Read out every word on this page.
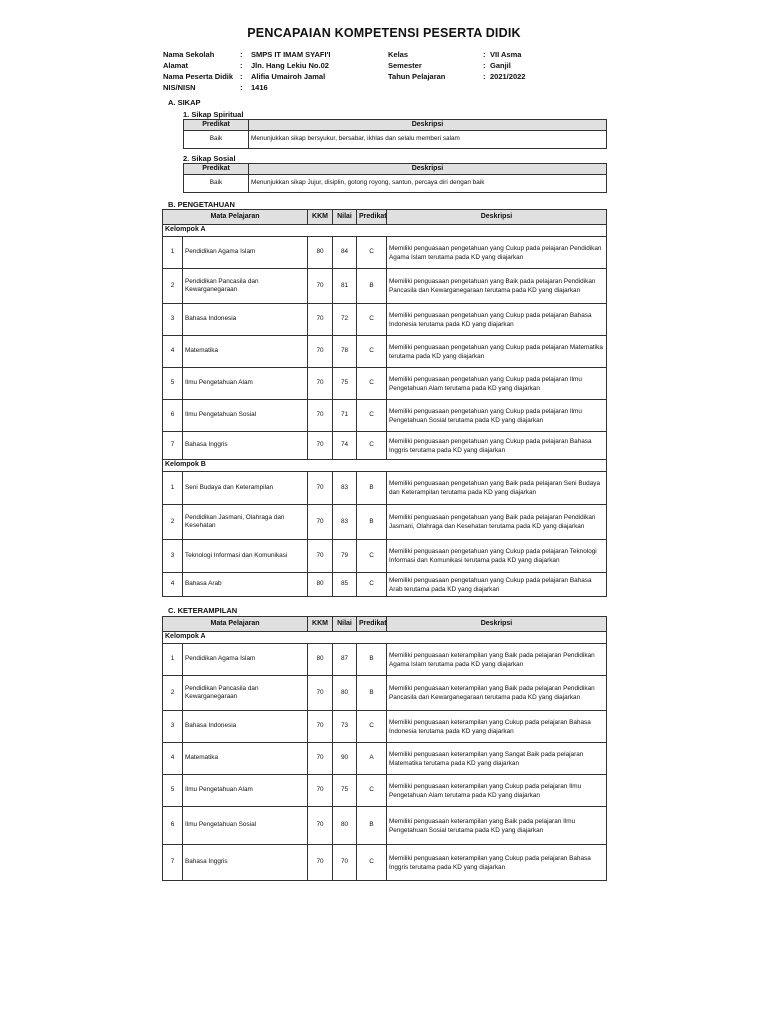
PENCAPAIAN KOMPETENSI PESERTA DIDIK
Nama Sekolah	: SMPS IT IMAM SYAFI'I
Alamat	: Jln. Hang Lekiu No.02
Nama Peserta Didik : Alifia Umairoh Jamal
NIS/NISN	: 1416
Kelas	: VII Asma
Semester	: Ganjil
Tahun Pelajaran	: 2021/2022
A. SIKAP
1. Sikap Spiritual
Predikat	Deskripsi
Baik	Menunjukkan sikap bersyukur, bersabar, ikhlas dan selalu memberi salam
2. Sikap Sosial
Predikat	Deskripsi
Baik	Menunjukkan sikap Jujur, disiplin, gotong royong, santun, percaya diri dengan baik
B. PENGETAHUAN
Mata Pelajaran		KKM	Nilai	Predikat	Deskripsi
Kelompok A					
1	Pendidikan Agama Islam	80	84	C	Memiliki penguasaan pengetahuan yang Cukup pada pelajaran Pendidikan Agama Islam terutama pada KD yang diajarkan
2	Pendidikan Pancasila dan Kewarganegaraan	70	81	B	Memiliki penguasaan pengetahuan yang Baik pada pelajaran Pendidikan Pancasila dan Kewarganegaraan terutama pada KD yang diajarkan
3	Bahasa Indonesia	70	72	C	Memiliki penguasaan pengetahuan yang Cukup pada pelajaran Bahasa Indonesia terutama pada KD yang diajarkan
4	Matematika	70	78	C	Memiliki penguasaan pengetahuan yang Cukup pada pelajaran Matematika terutama pada KD yang diajarkan
5	Ilmu Pengetahuan Alam	70	75	C	Memiliki penguasaan pengetahuan yang Cukup pada pelajaran Ilmu Pengetahuan Alam terutama pada KD yang diajarkan
6	Ilmu Pengetahuan Sosial	70	71	C	Memiliki penguasaan pengetahuan yang Cukup pada pelajaran Ilmu Pengetahuan Sosial terutama pada KD yang diajarkan
7	Bahasa Inggris	70	74	C	Memiliki penguasaan pengetahuan yang Cukup pada pelajaran Bahasa Inggris terutama pada KD yang diajarkan
Kelompok B					
1	Seni Budaya dan Keterampilan	70	83	B	Memiliki penguasaan pengetahuan yang Baik pada pelajaran Seni Budaya dan Keterampilan terutama pada KD yang diajarkan
2	Pendidikan Jasmani, Olahraga dan Kesehatan	70	83	B	Memiliki penguasaan pengetahuan yang Baik pada pelajaran Pendidikan Jasmani, Olahraga dan Kesehatan terutama pada KD yang diajarkan
3	Teknologi Informasi dan Komunikasi	70	79	C	Memiliki penguasaan pengetahuan yang Cukup pada pelajaran Teknologi Informasi dan Komunikasi terutama pada KD yang diajarkan
4	Bahasa Arab	80	85	C	Memiliki penguasaan pengetahuan yang Cukup pada pelajaran Bahasa Arab terutama pada KD yang diajarkan
C. KETERAMPILAN
Mata Pelajaran		KKM	Nilai	Predikat	Deskripsi
Kelompok A					
1	Pendidikan Agama Islam	80	87	B	Memiliki penguasaan keterampilan yang Baik pada pelajaran Pendidikan Agama Islam terutama pada KD yang diajarkan
2	Pendidikan Pancasila dan Kewarganegaraan	70	80	B	Memiliki penguasaan keterampilan yang Baik pada pelajaran Pendidikan Pancasila dan Kewarganegaraan terutama pada KD yang diajarkan
3	Bahasa Indonesia	70	73	C	Memiliki penguasaan keterampilan yang Cukup pada pelajaran Bahasa Indonesia terutama pada KD yang diajarkan
4	Matematika	70	90	A	Memiliki penguasaan keterampilan yang Sangat Baik pada pelajaran Matematika terutama pada KD yang diajarkan
5	Ilmu Pengetahuan Alam	70	75	C	Memiliki penguasaan keterampilan yang Cukup pada pelajaran Ilmu Pengetahuan Alam terutama pada KD yang diajarkan
6	Ilmu Pengetahuan Sosial	70	80	B	Memiliki penguasaan keterampilan yang Baik pada pelajaran Ilmu Pengetahuan Sosial terutama pada KD yang diajarkan
7	Bahasa Inggris	70	70	C	Memiliki penguasaan keterampilan yang Cukup pada pelajaran Bahasa Inggris terutama pada KD yang diajarkan
